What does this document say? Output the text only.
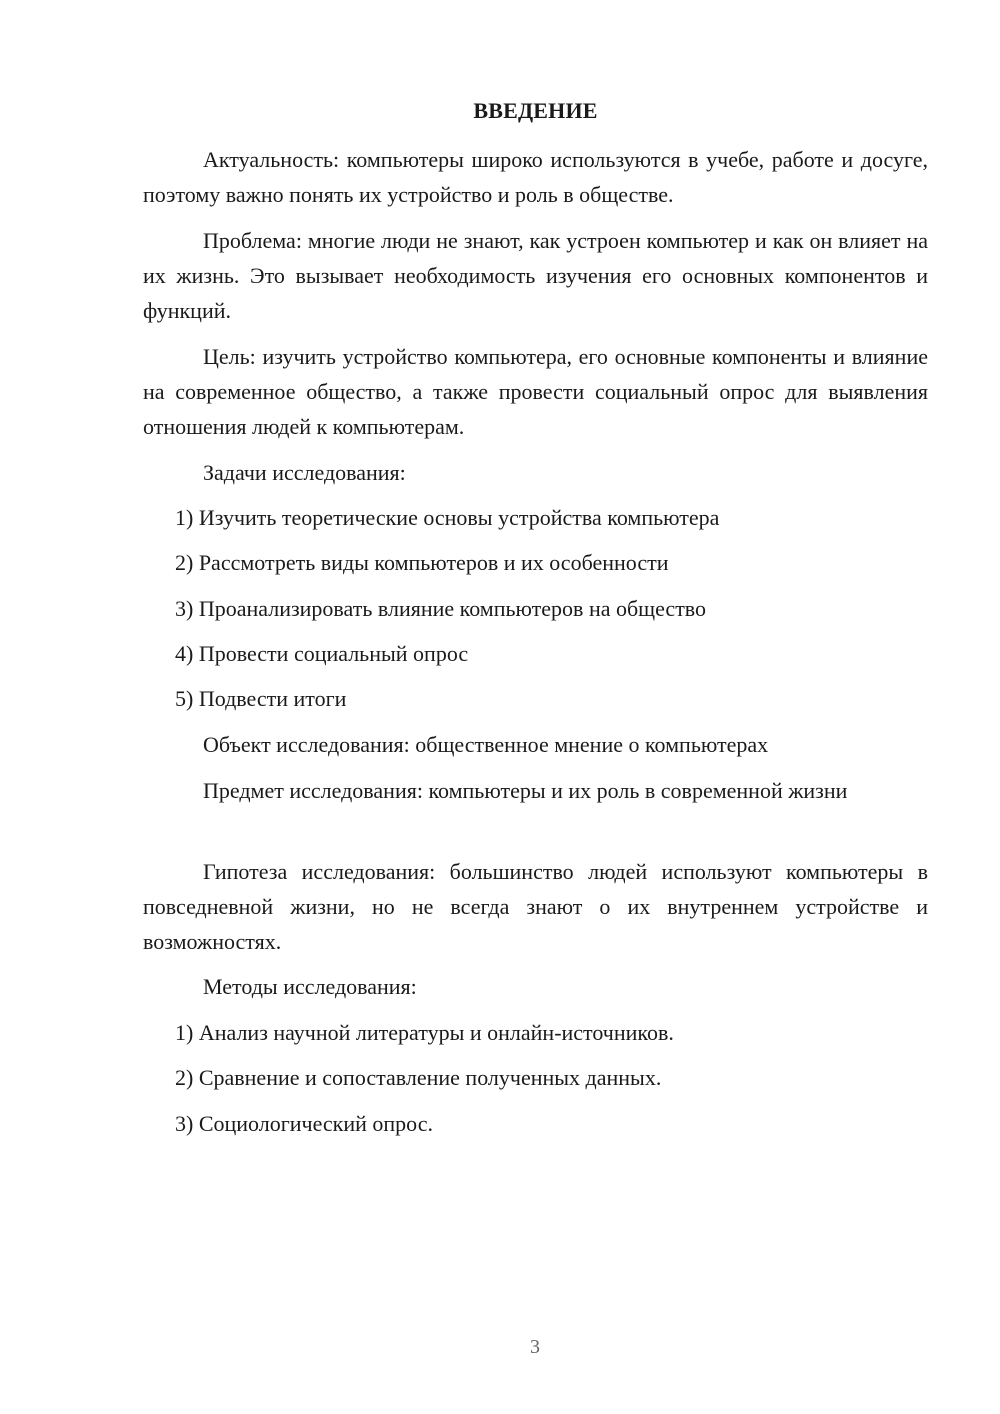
ВВЕДЕНИЕ
Актуальность: компьютеры широко используются в учебе, работе и досуге, поэтому важно понять их устройство и роль в обществе.
Проблема: многие люди не знают, как устроен компьютер и как он влияет на их жизнь. Это вызывает необходимость изучения его основных компонентов и функций.
Цель: изучить устройство компьютера, его основные компоненты и влияние на современное общество, а также провести социальный опрос для выявления отношения людей к компьютерам.
Задачи исследования:
1) Изучить теоретические основы устройства компьютера
2) Рассмотреть виды компьютеров и их особенности
3) Проанализировать влияние компьютеров на общество
4) Провести социальный опрос
5) Подвести итоги
Объект исследования: общественное мнение о компьютерах
Предмет исследования: компьютеры и их роль в современной жизни
Гипотеза исследования: большинство людей используют компьютеры в повседневной жизни, но не всегда знают о их внутреннем устройстве и возможностях.
Методы исследования:
1) Анализ научной литературы и онлайн-источников.
2) Сравнение и сопоставление полученных данных.
3) Социологический опрос.
3
